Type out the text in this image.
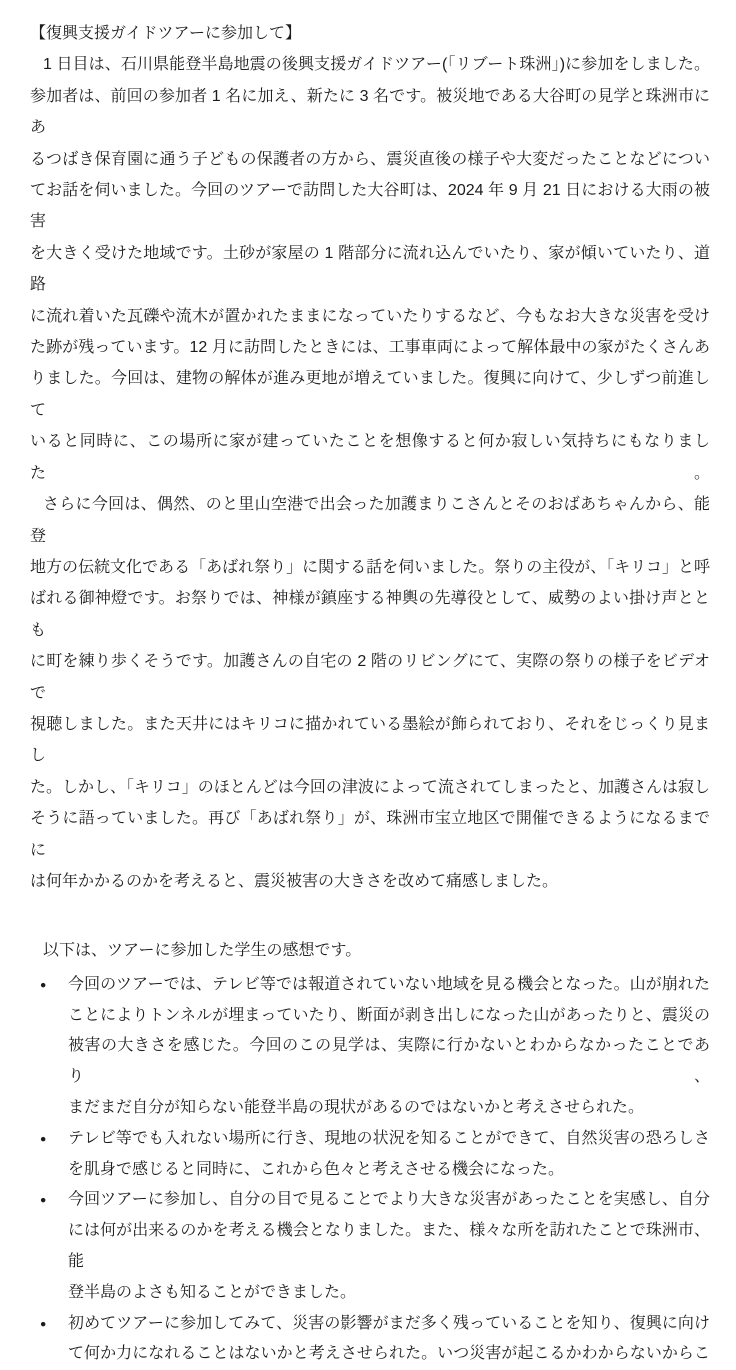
【復興支援ガイドツアーに参加して】
1 日目は、石川県能登半島地震の後興支援ガイドツアー(「リブート珠洲」)に参加をしました。
参加者は、前回の参加者 1 名に加え、新たに 3 名です。被災地である大谷町の見学と珠洲市にあ
るつばき保育園に通う子どもの保護者の方から、震災直後の様子や大変だったことなどについ
てお話を伺いました。今回のツアーで訪問した大谷町は、2024 年 9 月 21 日における大雨の被害
を大きく受けた地域です。土砂が家屋の 1 階部分に流れ込んでいたり、家が傾いていたり、道路
に流れ着いた瓦礫や流木が置かれたままになっていたりするなど、今もなお大きな災害を受け
た跡が残っています。12 月に訪問したときには、工事車両によって解体最中の家がたくさんあ
りました。今回は、建物の解体が進み更地が増えていました。復興に向けて、少しずつ前進して
いると同時に、この場所に家が建っていたことを想像すると何か寂しい気持ちにもなりました。
さらに今回は、偶然、のと里山空港で出会った加護まりこさんとそのおばあちゃんから、能登
地方の伝統文化である「あばれ祭り」に関する話を伺いました。祭りの主役が、「キリコ」と呼
ばれる御神燈です。お祭りでは、神様が鎮座する神輿の先導役として、威勢のよい掛け声ととも
に町を練り歩くそうです。加護さんの自宅の 2 階のリビングにて、実際の祭りの様子をビデオで
視聴しました。また天井にはキリコに描かれている墨絵が飾られており、それをじっくり見まし
た。しかし、「キリコ」のほとんどは今回の津波によって流されてしまったと、加護さんは寂し
そうに語っていました。再び「あばれ祭り」が、珠洲市宝立地区で開催できるようになるまでに
は何年かかるのかを考えると、震災被害の大きさを改めて痛感しました。
以下は、ツアーに参加した学生の感想です。
●	今回のツアーでは、テレビ等では報道されていない地域を見る機会となった。山が崩れた
ことによりトンネルが埋まっていたり、断面が剥き出しになった山があったりと、震災の
被害の大きさを感じた。今回のこの見学は、実際に行かないとわからなかったことであり、
まだまだ自分が知らない能登半島の現状があるのではないかと考えさせられた。
●	テレビ等でも入れない場所に行き、現地の状況を知ることができて、自然災害の恐ろしさ
を肌身で感じると同時に、これから色々と考えさせる機会になった。
●	今回ツアーに参加し、自分の目で見ることでより大きな災害があったことを実感し、自分
には何が出来るのかを考える機会となりました。また、様々な所を訪れたことで珠洲市、能
登半島のよさも知ることができました。
●	初めてツアーに参加してみて、災害の影響がまだ多く残っていることを知り、復興に向け
て何か力になれることはないかと考えさせられた。いつ災害が起こるかわからないからこ
